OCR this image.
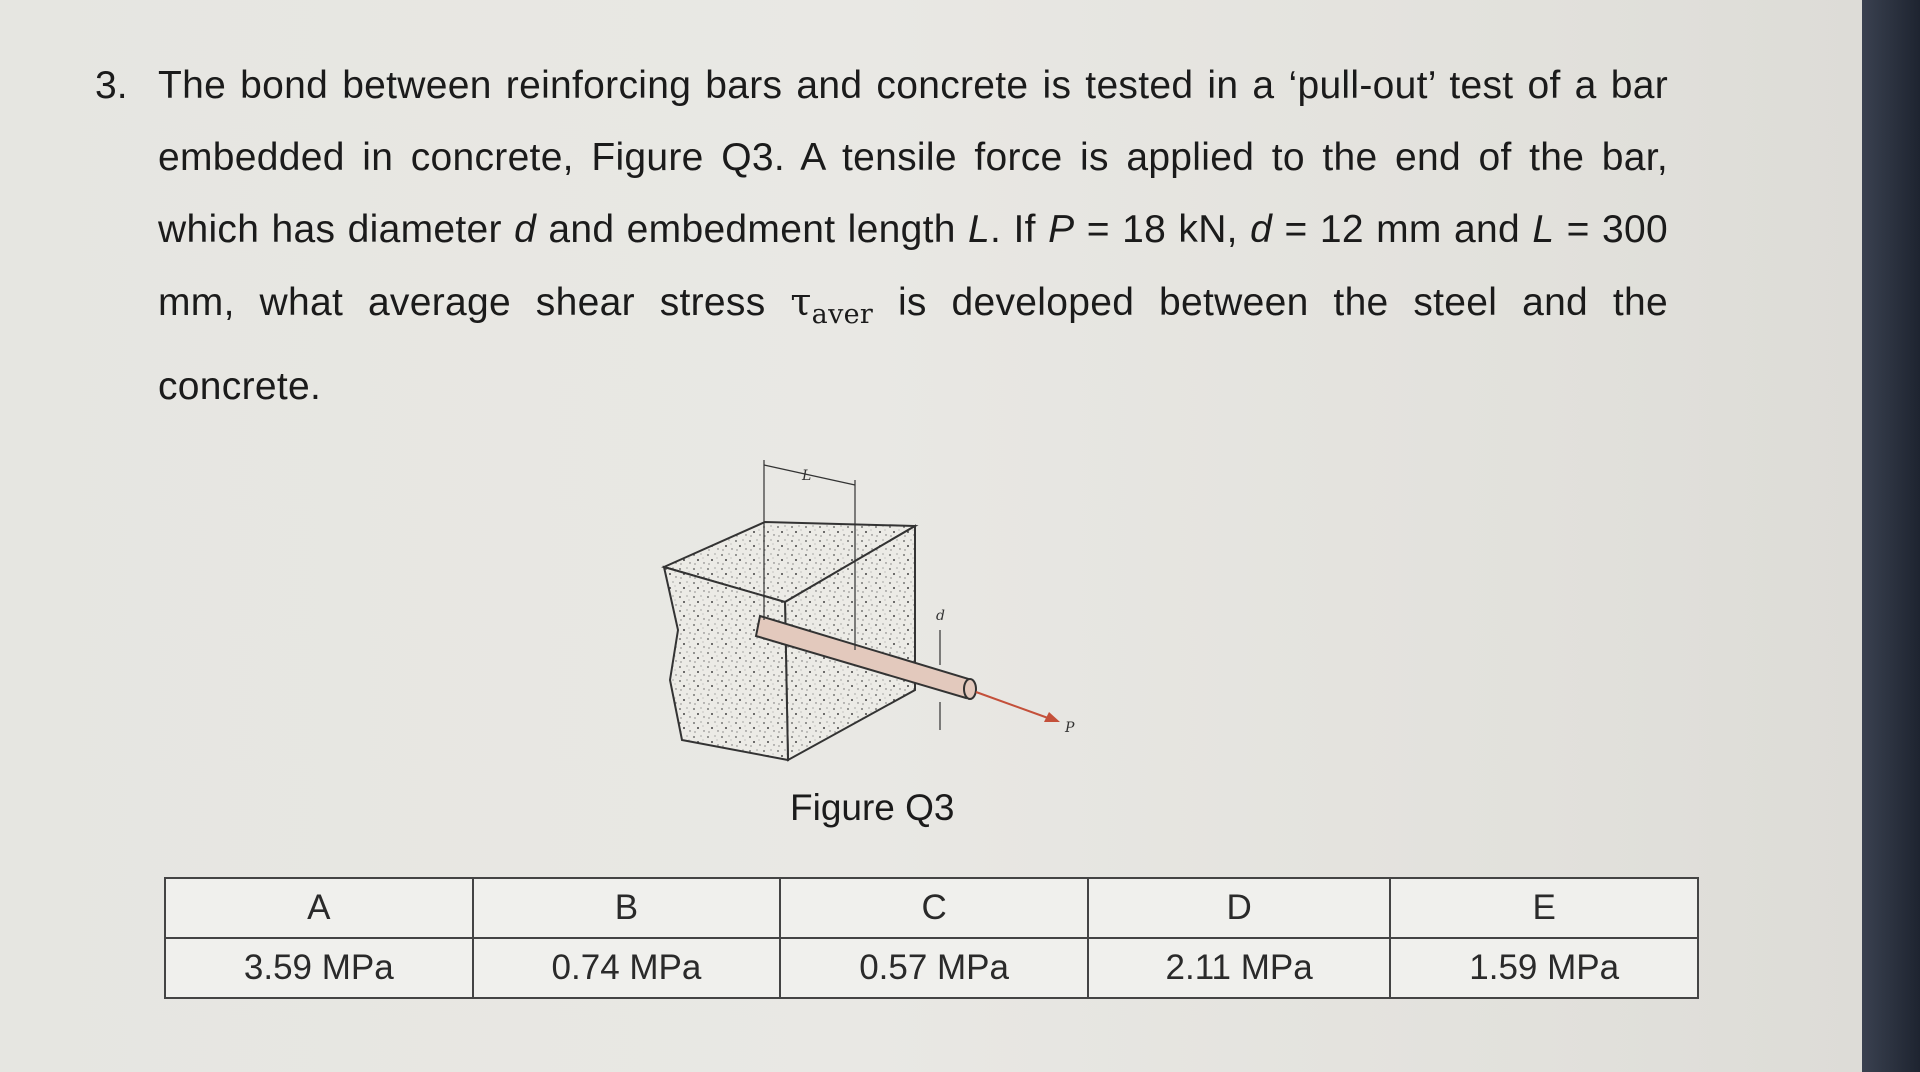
3. The bond between reinforcing bars and concrete is tested in a ‘pull-out’ test of a bar embedded in concrete, Figure Q3. A tensile force is applied to the end of the bar, which has diameter d and embedment length L. If P = 18 kN, d = 12 mm and L = 300 mm, what average shear stress $\tau_{aver}$ is developed between the steel and the concrete.
P
L
d
Figure Q3
A	B	C	D	E
3.59 MPa	0.74 MPa	0.57 MPa	2.11 MPa	1.59 MPa
